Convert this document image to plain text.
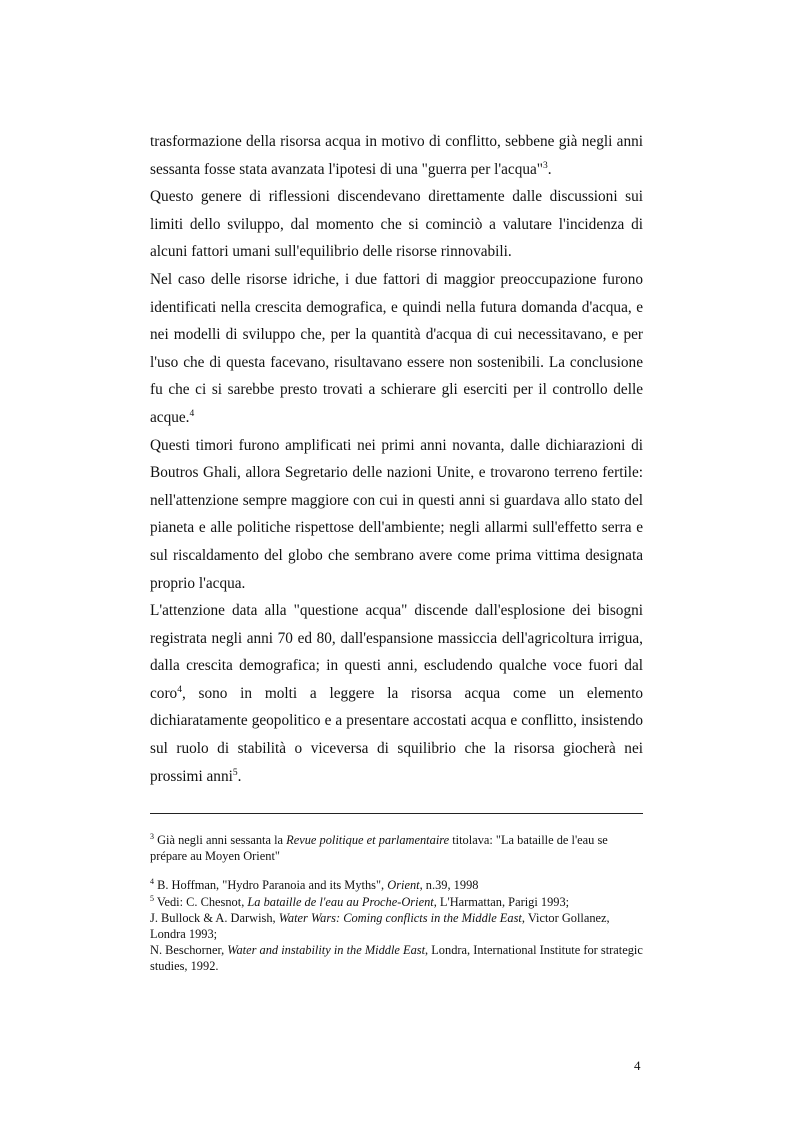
trasformazione della risorsa acqua in motivo di conflitto, sebbene già negli anni sessanta fosse stata avanzata l'ipotesi di una "guerra per l'acqua"$^3$.

Questo genere di riflessioni discendevano direttamente dalle discussioni sui limiti dello sviluppo, dal momento che si cominciò a valutare l'incidenza di alcuni fattori umani sull'equilibrio delle risorse rinnovabili.

Nel caso delle risorse idriche, i due fattori di maggior preoccupazione furono identificati nella crescita demografica, e quindi nella futura domanda d'acqua, e nei modelli di sviluppo che, per la quantità d'acqua di cui necessitavano, e per l'uso che di questa facevano, risultavano essere non sostenibili. La conclusione fu che ci si sarebbe presto trovati a schierare gli eserciti per il controllo delle acque.$^4$

Questi timori furono amplificati nei primi anni novanta, dalle dichiarazioni di Boutros Ghali, allora Segretario delle nazioni Unite, e trovarono terreno fertile: nell'attenzione sempre maggiore con cui in questi anni si guardava allo stato del pianeta e alle politiche rispettose dell'ambiente; negli allarmi sull'effetto serra e sul riscaldamento del globo che sembrano avere come prima vittima designata proprio l'acqua.

L'attenzione data alla "questione acqua" discende dall'esplosione dei bisogni registrata negli anni 70 ed 80, dall'espansione massiccia dell'agricoltura irrigua, dalla crescita demografica; in questi anni, escludendo qualche voce fuori dal coro$^4$, sono in molti a leggere la risorsa acqua come un elemento dichiaratamente geopolitico e a presentare accostati acqua e conflitto, insistendo sul ruolo di stabilità o viceversa di squilibrio che la risorsa giocherà nei prossimi anni$^5$.

$^3$ Già negli anni sessanta la Revue politique et parlamentaire titolava: "La bataille de l'eau se prépare au Moyen Orient"

$^4$ B. Hoffman, "Hydro Paranoia and its Myths", Orient, n.39, 1998

$^5$ Vedi: C. Chesnot, La bataille de l'eau au Proche-Orient, L'Harmattan, Parigi 1993;
J. Bullock & A. Darwish, Water Wars: Coming conflicts in the Middle East, Victor Gollanez, Londra 1993;
N. Beschorner, Water and instability in the Middle East, Londra, International Institute for strategic studies, 1992.

4
